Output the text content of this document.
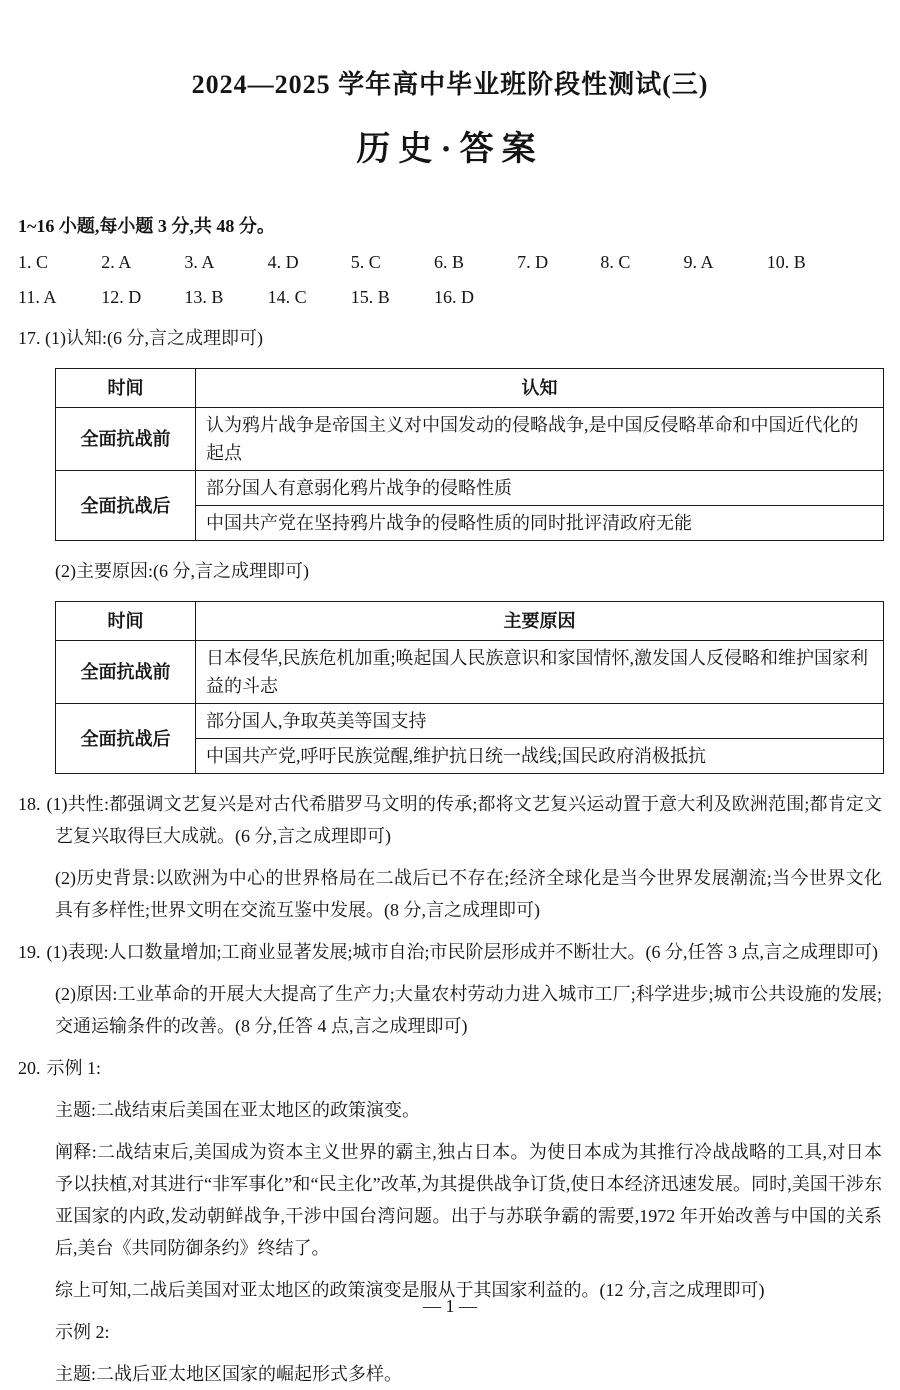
2024—2025 学年高中毕业班阶段性测试(三)
历史·答案

1~16 小题,每小题 3 分,共 48 分。

1. C	2. A	3. A	4. D	5. C	6. B	7. D	8. C	9. A	10. B
11. A	12. D	13. B	14. C	15. B	16. D

17. (1)认知:(6 分,言之成理即可)

时间	认知
全面抗战前	认为鸦片战争是帝国主义对中国发动的侵略战争,是中国反侵略革命和中国近代化的起点
全面抗战后	部分国人有意弱化鸦片战争的侵略性质
	中国共产党在坚持鸦片战争的侵略性质的同时批评清政府无能

(2)主要原因:(6 分,言之成理即可)

时间	主要原因
全面抗战前	日本侵华,民族危机加重;唤起国人民族意识和家国情怀,激发国人反侵略和维护国家利益的斗志
全面抗战后	部分国人,争取英美等国支持
	中国共产党,呼吁民族觉醒,维护抗日统一战线;国民政府消极抵抗
18. (1)共性:都强调文艺复兴是对古代希腊罗马文明的传承;都将文艺复兴运动置于意大利及欧洲范围;都肯定文艺复兴取得巨大成就。(6 分,言之成理即可)
(2)历史背景:以欧洲为中心的世界格局在二战后已不存在;经济全球化是当今世界发展潮流;当今世界文化具有多样性;世界文明在交流互鉴中发展。(8 分,言之成理即可)
19. (1)表现:人口数量增加;工商业显著发展;城市自治;市民阶层形成并不断壮大。(6 分,任答 3 点,言之成理即可)
(2)原因:工业革命的开展大大提高了生产力;大量农村劳动力进入城市工厂;科学进步;城市公共设施的发展;交通运输条件的改善。(8 分,任答 4 点,言之成理即可)
20. 示例 1:
主题:二战结束后美国在亚太地区的政策演变。
阐释:二战结束后,美国成为资本主义世界的霸主,独占日本。为使日本成为其推行冷战战略的工具,对日本予以扶植,对其进行“非军事化”和“民主化”改革,为其提供战争订货,使日本经济迅速发展。同时,美国干涉东亚国家的内政,发动朝鲜战争,干涉中国台湾问题。出于与苏联争霸的需要,1972 年开始改善与中国的关系后,美台《共同防御条约》终结了。
综上可知,二战后美国对亚太地区的政策演变是服从于其国家利益的。(12 分,言之成理即可)
示例 2:
主题:二战后亚太地区国家的崛起形式多样。
— 1 —
